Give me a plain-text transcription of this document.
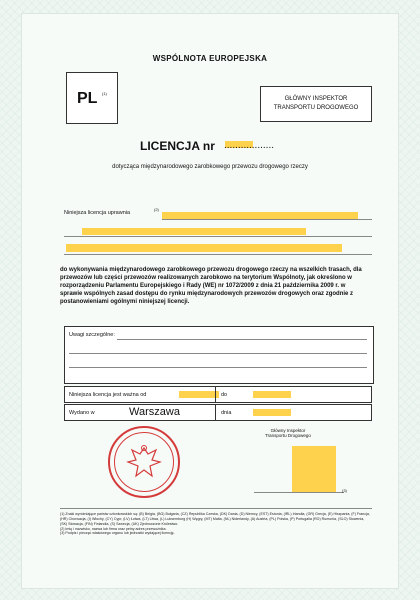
WSPÓLNOTA EUROPEJSKA
PL (1)
GŁÓWNY INSPEKTOR
TRANSPORTU DROGOWEGO
LICENCJA nr ..................
dotycząca międzynarodowego zarobkowego przewozu drogowego rzeczy
Niniejsza licencja uprawnia
(2)
do wykonywania międzynarodowego zarobkowego przewozu drogowego rzeczy na wszelkich trasach, dla przewozów lub części przewozów realizowanych zarobkowo na terytorium Wspólnoty, jak określono w rozporządzeniu Parlamentu Europejskiego i Rady (WE) nr 1072/2009 z dnia 21 października 2009 r. w sprawie wspólnych zasad dostępu do rynku międzynarodowych przewozów drogowych oraz zgodnie z postanowieniami ogólnymi niniejszej licencji.
Uwagi szczególne:
Niniejsza licencja jest ważna od	do
Wydano w	Warszawa	dnia
Główny Inspektor
Transportu Drogowego
(3)
(1) Znaki wyróżniające państw członkowskich są: (B) Belgia, (BG) Bułgaria, (CZ) Republika Czeska, (DK) Dania, (D) Niemcy, (EST) Estonia, (IRL) Irlandia, (GR) Grecja, (E) Hiszpania, (F) Francja, (HR) Chorwacja, (I) Włochy, (CY) Cypr, (LV) Łotwa, (LT) Litwa, (L) Luksemburg (H) Węgry, (MT) Malta, (NL) Niderlandy, (A) Austria, (PL) Polska, (P) Portugalia (RO) Rumunia, (SLO) Słowenia, (SK) Słowacja, (FIN) Finlandia, (S) Szwecja, (UK) Zjednoczone Królestwo.
(2) Imię i nazwisko, nazwa lub firma oraz pełny adres przewoźnika.
(3) Podpis i pieczęć właściwego organu lub jednostki wydającej licencję.
